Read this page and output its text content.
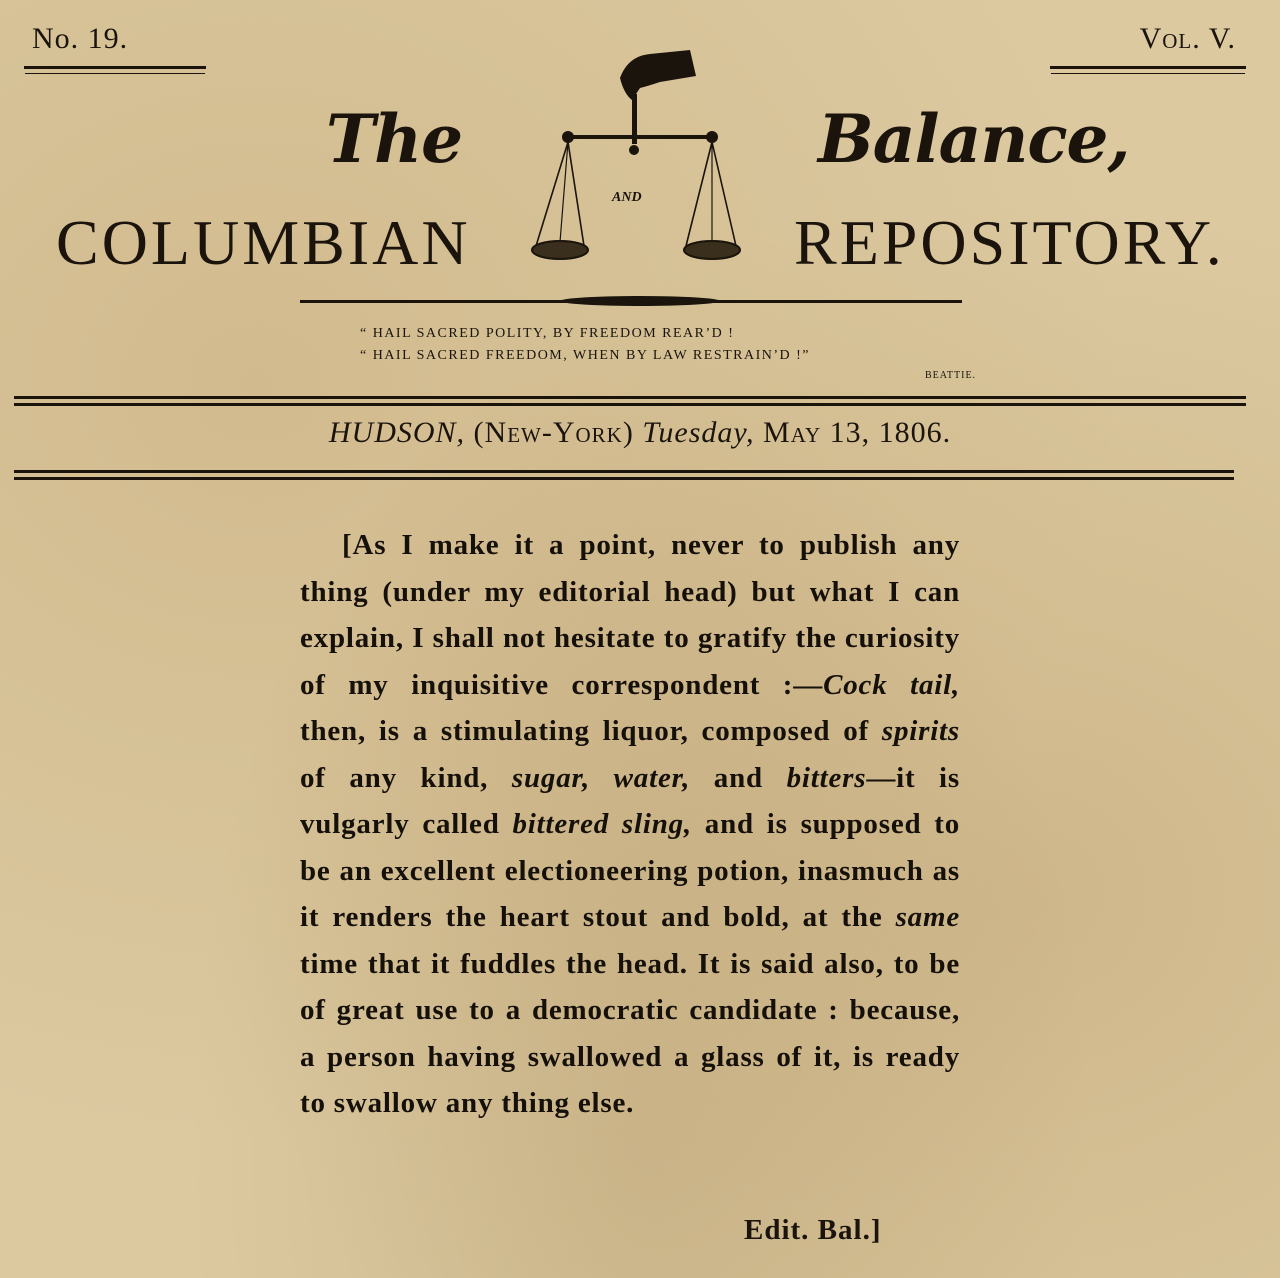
No. 19.	Vol. V.
The	Balance,
AND
COLUMBIAN	REPOSITORY.
“ HAIL SACRED POLITY, BY FREEDOM REAR’D !
“ HAIL SACRED FREEDOM, WHEN BY LAW RESTRAIN’D !”
BEATTIE.
HUDSON, (New-York) Tuesday, May 13, 1806.
[As I make it a point, never to publish any thing (under my editorial head) but what I can explain, I shall not hesitate to gratify the curiosity of my inquisitive correspondent :—Cock tail, then, is a stimulating liquor, composed of spirits of any kind, sugar, water, and bitters—it is vulgarly called bittered sling, and is supposed to be an excellent electioneering potion, inasmuch as it renders the heart stout and bold, at the same time that it fuddles the head. It is said also, to be of great use to a democratic candidate : because, a person having swallowed a glass of it, is ready to swallow any thing else.
Edit. Bal.]
